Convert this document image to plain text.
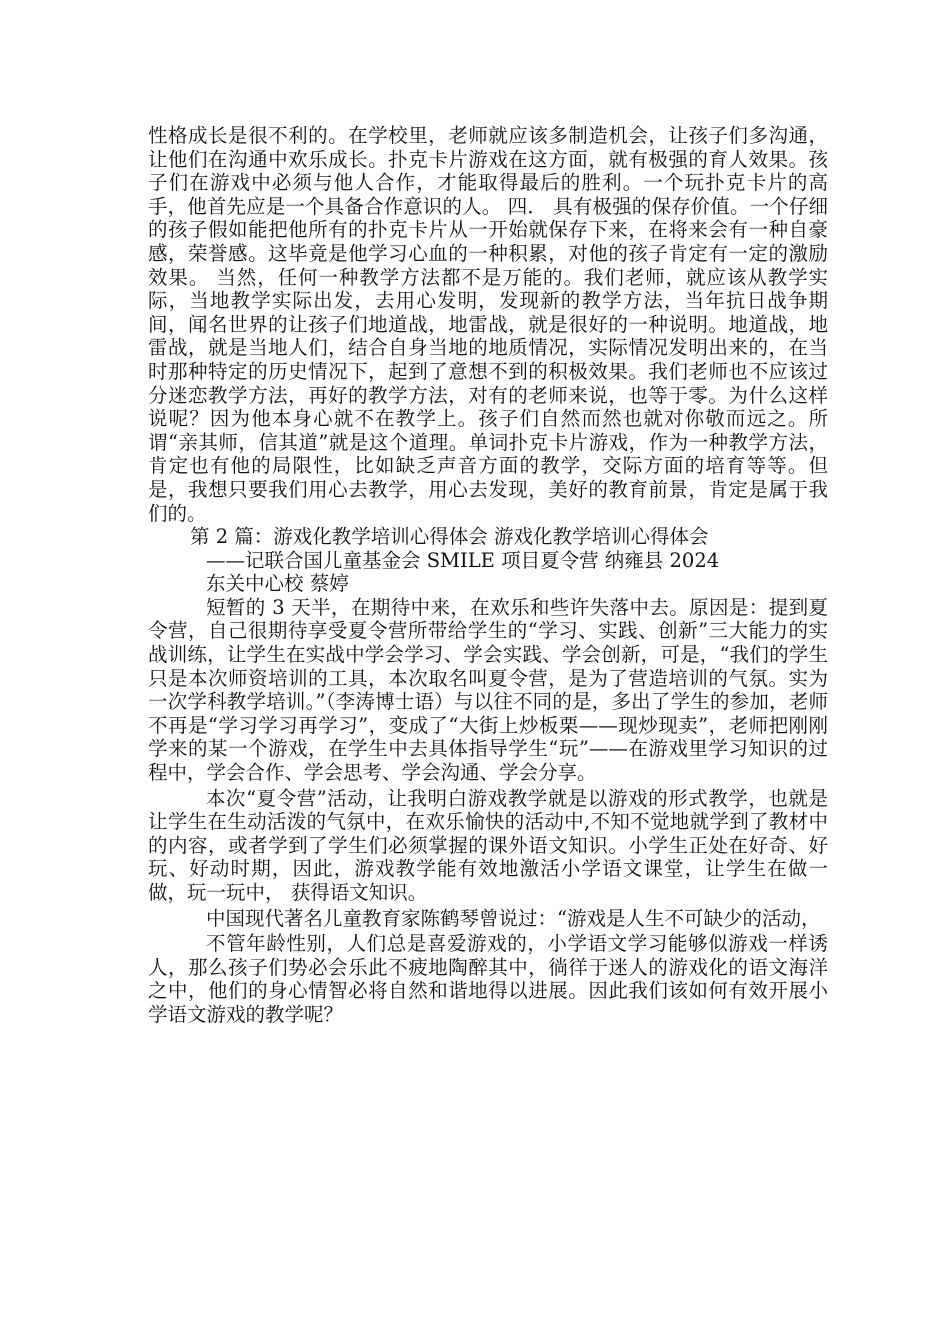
性格成长是很不利的。在学校里，老师就应该多制造机会，让孩子们多沟通，让他们在沟通中欢乐成长。扑克卡片游戏在这方面，就有极强的育人效果。孩子们在游戏中必须与他人合作，才能取得最后的胜利。一个玩扑克卡片的高手，他首先应是一个具备合作意识的人。 四． 具有极强的保存价值。一个仔细的孩子假如能把他所有的扑克卡片从一开始就保存下来，在将来会有一种自豪感，荣誉感。这毕竟是他学习心血的一种积累，对他的孩子肯定有一定的激励效果。 当然，任何一种教学方法都不是万能的。我们老师，就应该从教学实际，当地教学实际出发，去用心发明，发现新的教学方法，当年抗日战争期间，闻名世界的让孩子们地道战，地雷战，就是很好的一种说明。地道战，地雷战，就是当地人们，结合自身当地的地质情况，实际情况发明出来的，在当时那种特定的历史情况下，起到了意想不到的积极效果。我们老师也不应该过分迷恋教学方法，再好的教学方法，对有的老师来说，也等于零。为什么这样说呢？因为他本身心就不在教学上。孩子们自然而然也就对你敬而远之。所谓“亲其师，信其道”就是这个道理。单词扑克卡片游戏，作为一种教学方法，肯定也有他的局限性，比如缺乏声音方面的教学，交际方面的培育等等。但是，我想只要我们用心去教学，用心去发现，美好的教育前景，肯定是属于我们的。

第 2 篇：游戏化教学培训心得体会 游戏化教学培训心得体会

——记联合国儿童基金会 SMILE 项目夏令营 纳雍县 2024

东关中心校 蔡婷

短暂的 3 天半，在期待中来，在欢乐和些许失落中去。原因是：提到夏令营，自己很期待享受夏令营所带给学生的“学习、实践、创新”三大能力的实战训练，让学生在实战中学会学习、学会实践、学会创新，可是，“我们的学生只是本次师资培训的工具，本次取名叫夏令营，是为了营造培训的气氛。实为一次学科教学培训。”（李涛博士语）与以往不同的是，多出了学生的参加，老师不再是“学习学习再学习”，变成了“大街上炒板栗——现炒现卖”，老师把刚刚学来的某一个游戏，在学生中去具体指导学生“玩”——在游戏里学习知识的过程中，学会合作、学会思考、学会沟通、学会分享。

本次“夏令营”活动，让我明白游戏教学就是以游戏的形式教学，也就是让学生在生动活泼的气氛中，在欢乐愉快的活动中,不知不觉地就学到了教材中的内容，或者学到了学生们必须掌握的课外语文知识。小学生正处在好奇、好玩、好动时期，因此，游戏教学能有效地激活小学语文课堂，让学生在做一做，玩一玩中， 获得语文知识。

中国现代著名儿童教育家陈鹤琴曾说过：“游戏是人生不可缺少的活动，

不管年龄性别，人们总是喜爱游戏的，小学语文学习能够似游戏一样诱人，那么孩子们势必会乐此不疲地陶醉其中，徜徉于迷人的游戏化的语文海洋之中，他们的身心情智必将自然和谐地得以进展。因此我们该如何有效开展小学语文游戏的教学呢？
